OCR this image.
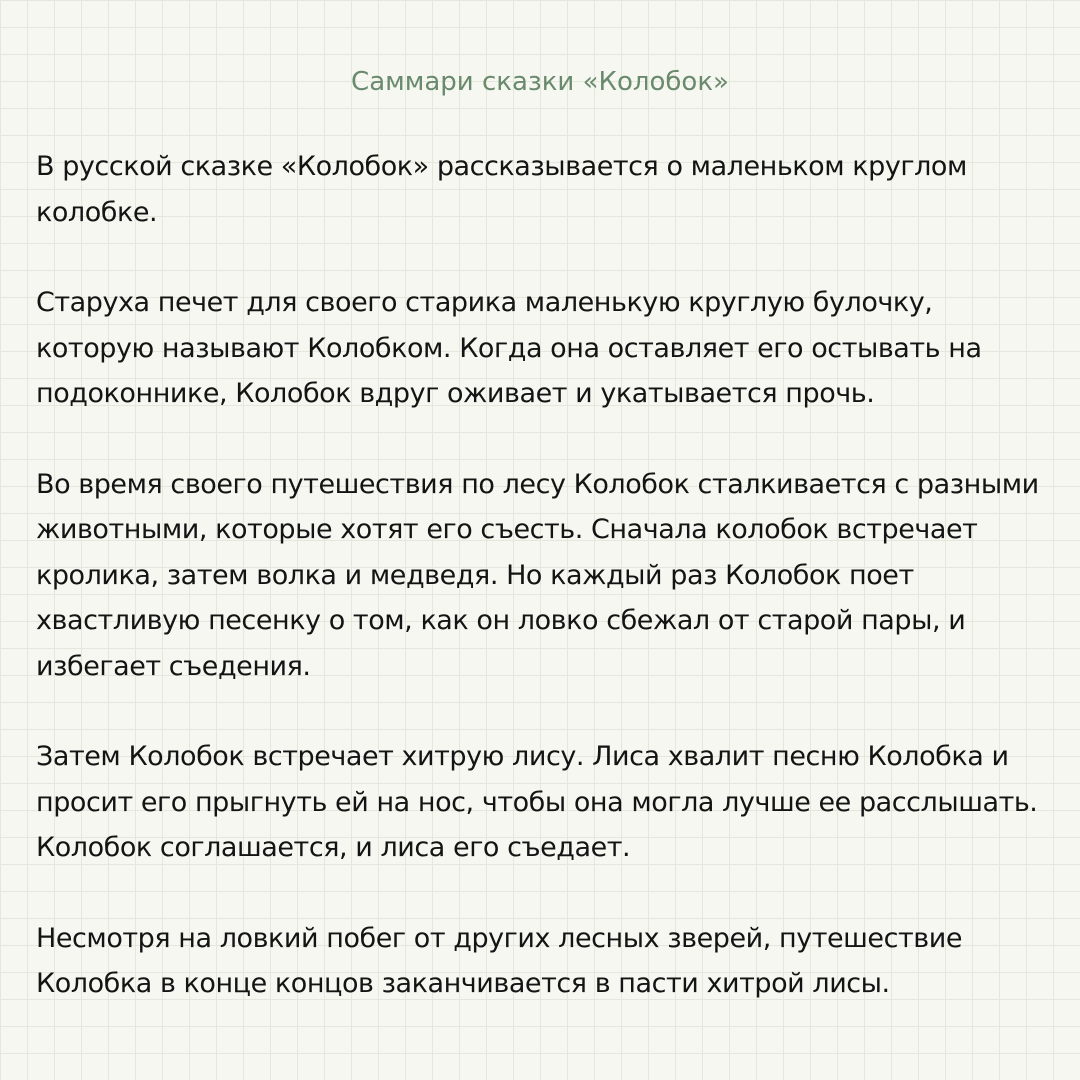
Саммари сказки «Колобок»

В русской сказке «Колобок» рассказывается о маленьком круглом колобке.

Старуха печет для своего старика маленькую круглую булочку, которую называют Колобком. Когда она оставляет его остывать на подоконнике, Колобок вдруг оживает и укатывается прочь.

Во время своего путешествия по лесу Колобок сталкивается с разными животными, которые хотят его съесть. Сначала колобок встречает кролика, затем волка и медведя. Но каждый раз Колобок поет хвастливую песенку о том, как он ловко сбежал от старой пары, и избегает съедения.

Затем Колобок встречает хитрую лису. Лиса хвалит песню Колобка и просит его прыгнуть ей на нос, чтобы она могла лучше ее расслышать. Колобок соглашается, и лиса его съедает.

Несмотря на ловкий побег от других лесных зверей, путешествие Колобка в конце концов заканчивается в пасти хитрой лисы.
